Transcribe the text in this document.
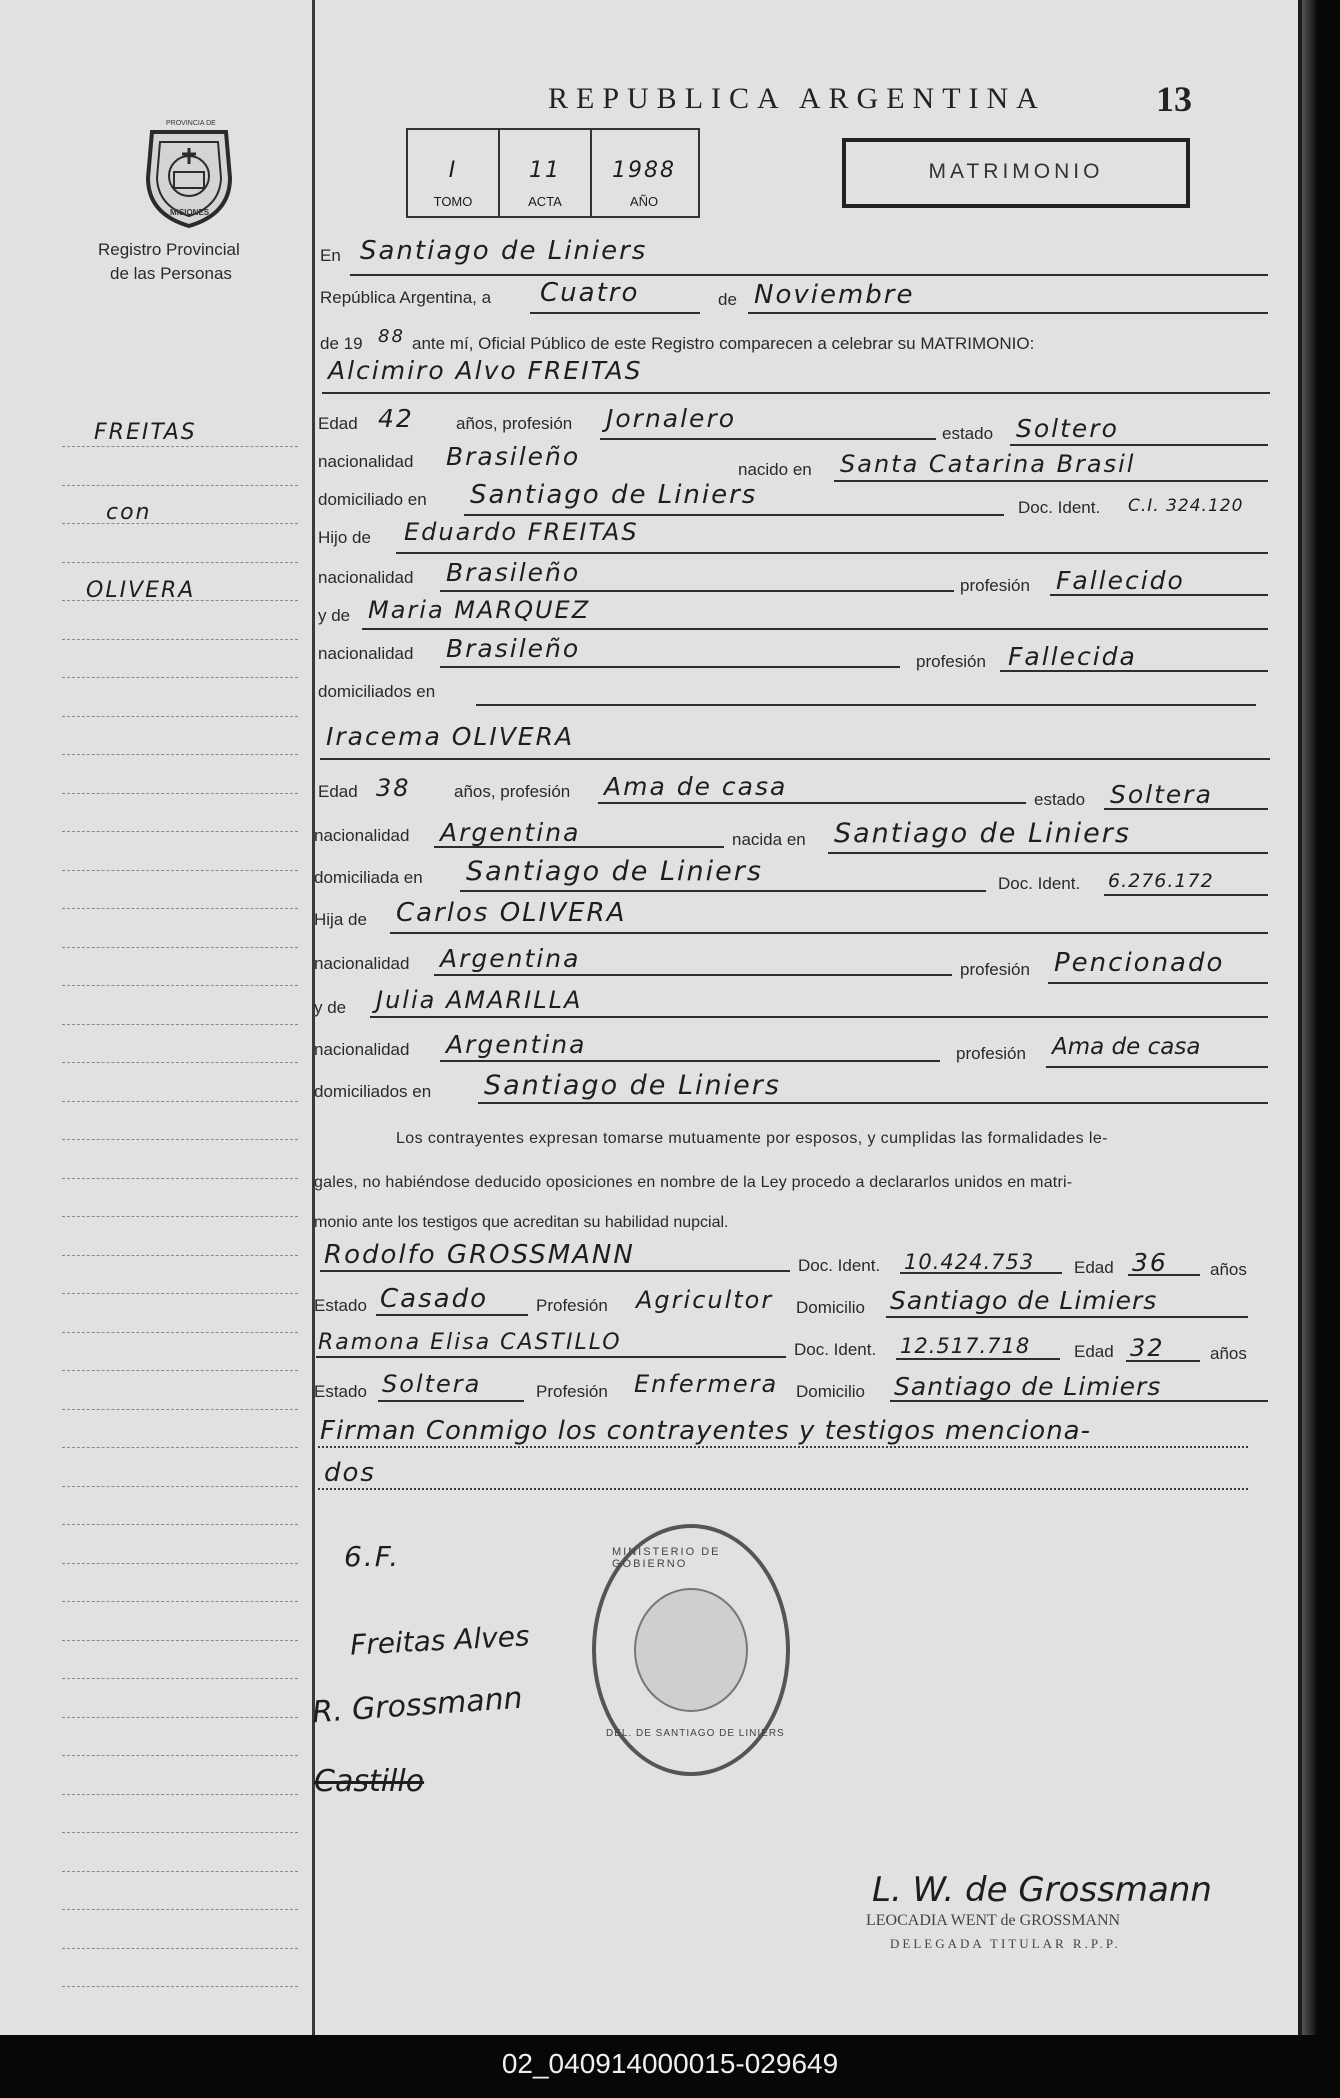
PROVINCIA DE
MISIONES
Registro Provincial
de las Personas
REPUBLICA ARGENTINA	13
I
TOMO
11
ACTA
1988
AÑO
MATRIMONIO
FREITAS
con
OLIVERA
En Santiago de Liniers
República Argentina, a Cuatro	de Noviembre
de 19 88 ante mí, Oficial Público de este Registro comparecen a celebrar su MATRIMONIO:
Alcimiro Alvo FREITAS
Edad 42 años, profesión Jornalero
estado Soltero
nacionalidad Brasileño	nacido en Santa Catarina Brasil
domiciliado en Santiago de Liniers	Doc. Ident. C.I. 324.120
Hijo de Eduardo FREITAS
nacionalidad Brasileño	profesión Fallecido
y de Maria MARQUEZ
nacionalidad Brasileño	profesión Fallecida
domiciliados en
Iracema OLIVERA
Edad 38	años, profesión Ama de casa	estado Soltera
nacionalidad Argentina	nacida en Santiago de Liniers
domiciliada en Santiago de Liniers	Doc. Ident. 6.276.172
Hija de Carlos OLIVERA
nacionalidad Argentina	profesión Pencionado
y de Julia AMARILLA
nacionalidad Argentina	profesión Ama de casa
domiciliados en Santiago de Liniers
Los contrayentes expresan tomarse mutuamente por esposos, y cumplidas las formalidades le-
gales, no habiéndose deducido oposiciones en nombre de la Ley procedo a declararlos unidos en matri-
monio ante los testigos que acreditan su habilidad nupcial.
Rodolfo GROSSMANN	Doc. Ident. 10.424.753 Edad 36 años
Estado Casado	Profesión Agricultor Domicilio Santiago de Limiers
Ramona Elisa CASTILLO	Doc. Ident. 12.517.718	Edad 32	años
Estado Soltera	Profesión Enfermera Domicilio Santiago de Limiers
Firman Conmigo los contrayentes y testigos menciona-
dos
6.F.	MINISTERIO DE GOBIERNO
DEL. DE SANTIAGO DE LINIERS
Freitas Alves
R. Grossmann
Castillo
L. W. de Grossmann
LEOCADIA WENT de GROSSMANN
DELEGADA TITULAR R.P.P.
02_040914000015-029649
